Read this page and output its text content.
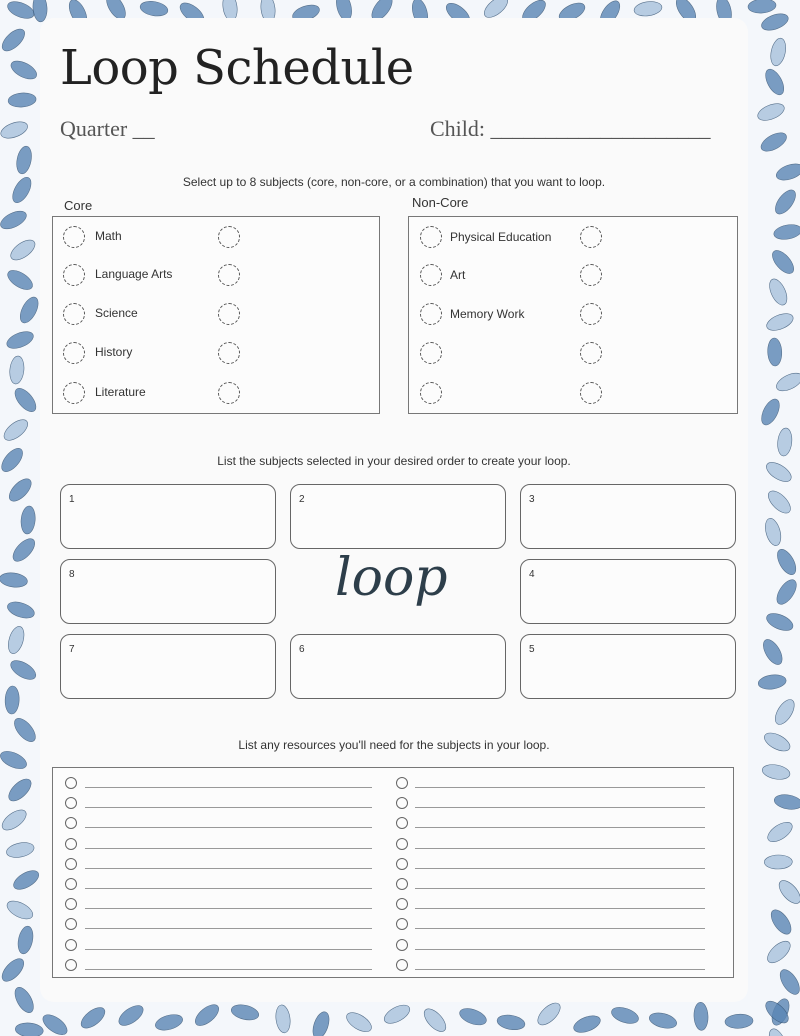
Loop Schedule
Quarter __	Child: ____________________
Select up to 8 subjects (core, non-core, or a combination) that you want to loop.
Core	Non-Core
Math	Physical Education
Language Arts	Art
Science	Memory Work
History
Literature
List the subjects selected in your desired order to create your loop.
1	2	3
8	4
7	6	5
loop
List any resources you'll need for the subjects in your loop.
